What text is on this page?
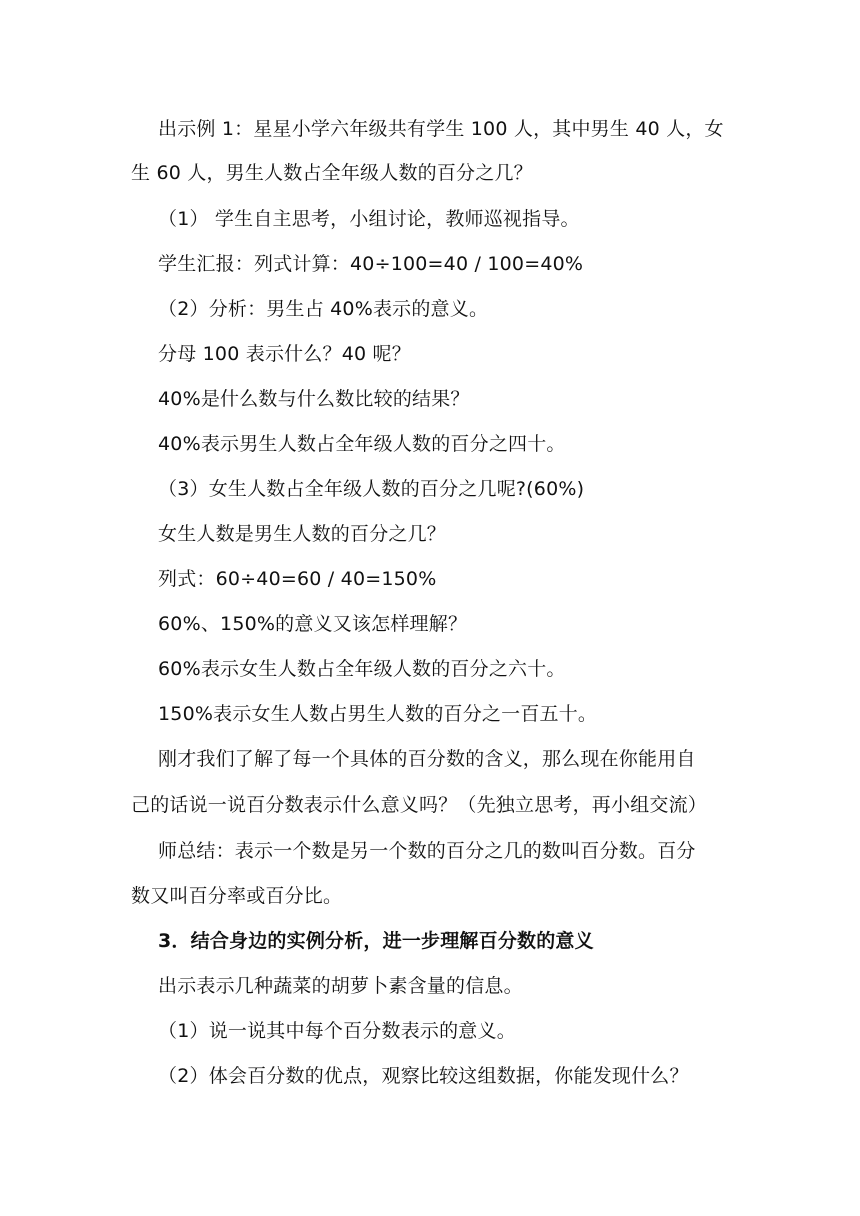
出示例 1：星星小学六年级共有学生 100 人，其中男生 40 人，女
生 60 人，男生人数占全年级人数的百分之几？
（1） 学生自主思考，小组讨论，教师巡视指导。
学生汇报：列式计算：40÷100=40 / 100=40%
（2）分析：男生占 40%表示的意义。
分母 100 表示什么？40 呢？
40%是什么数与什么数比较的结果？
40%表示男生人数占全年级人数的百分之四十。
（3）女生人数占全年级人数的百分之几呢?(60%)
女生人数是男生人数的百分之几？
列式：60÷40=60 / 40=150%
60%、150%的意义又该怎样理解？
60%表示女生人数占全年级人数的百分之六十。
150%表示女生人数占男生人数的百分之一百五十。
刚才我们了解了每一个具体的百分数的含义，那么现在你能用自
己的话说一说百分数表示什么意义吗？（先独立思考，再小组交流）
师总结：表示一个数是另一个数的百分之几的数叫百分数。百分
数又叫百分率或百分比。
3．结合身边的实例分析，进一步理解百分数的意义
出示表示几种蔬菜的胡萝卜素含量的信息。
（1）说一说其中每个百分数表示的意义。
（2）体会百分数的优点，观察比较这组数据，你能发现什么？
